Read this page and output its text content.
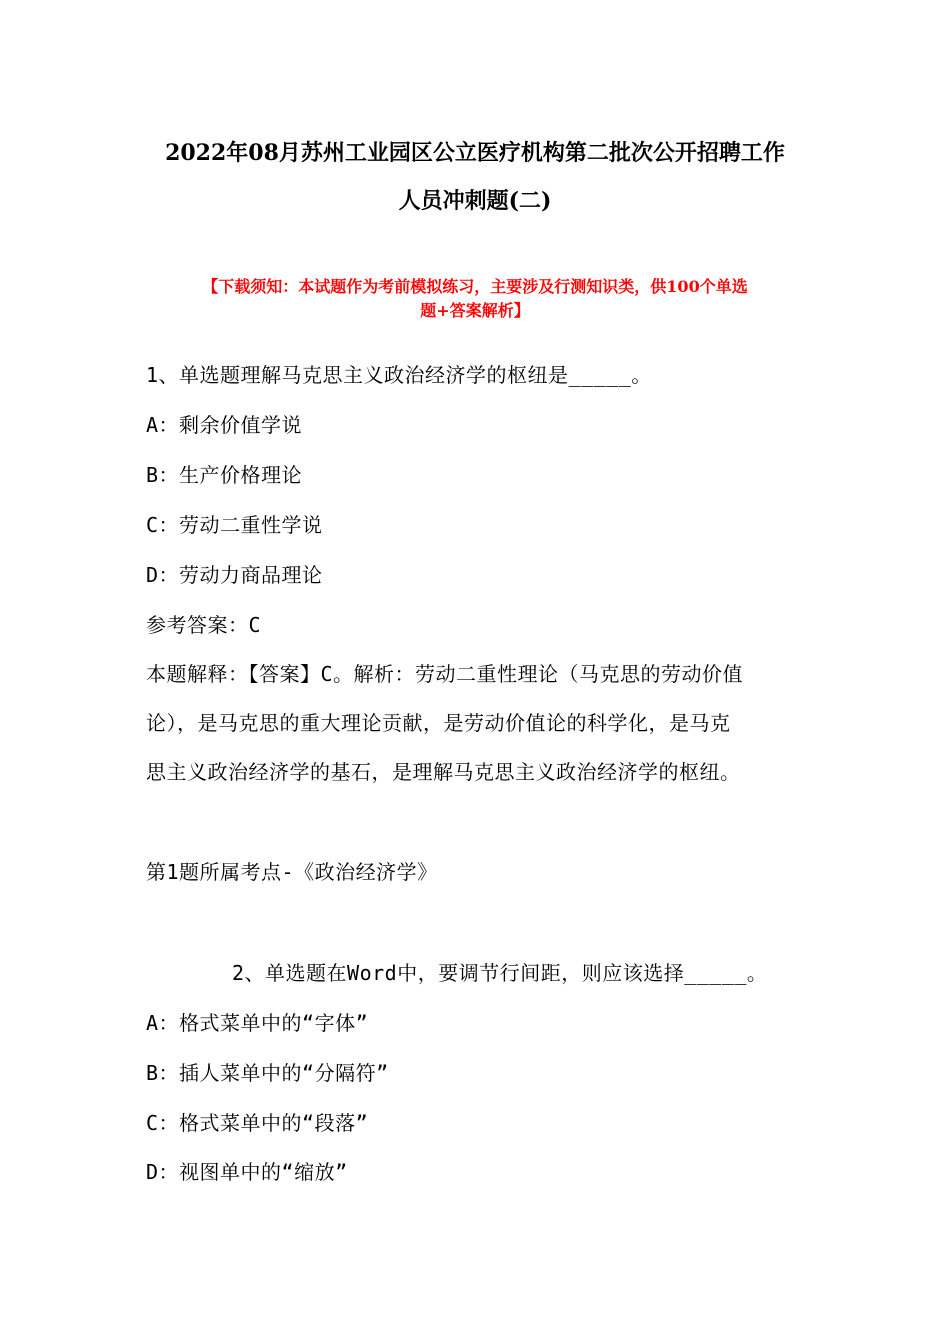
2022年08月苏州工业园区公立医疗机构第二批次公开招聘工作
人员冲刺题(二)
【下载须知：本试题作为考前模拟练习，主要涉及行测知识类，供100个单选
题+答案解析】
1、单选题理解马克思主义政治经济学的枢纽是_____。
A：剩余价值学说
B：生产价格理论
C：劳动二重性学说
D：劳动力商品理论
参考答案：C
本题解释：【答案】C。解析：劳动二重性理论（马克思的劳动价值
论），是马克思的重大理论贡献，是劳动价值论的科学化，是马克
思主义政治经济学的基石，是理解马克思主义政治经济学的枢纽。
第1题所属考点-《政治经济学》
2、单选题在Word中，要调节行间距，则应该选择_____。
A：格式菜单中的“字体”
B：插人菜单中的“分隔符”
C：格式菜单中的“段落”
D：视图单中的“缩放”
